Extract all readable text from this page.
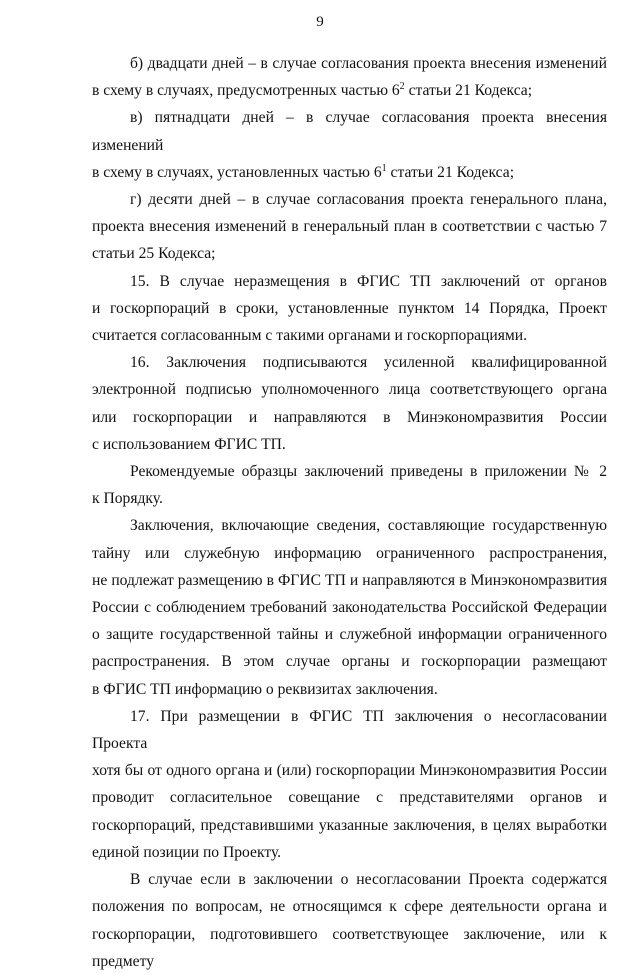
9
б) двадцати дней – в случае согласования проекта внесения изменений
в схему в случаях, предусмотренных частью $6^2$ статьи 21 Кодекса;
в) пятнадцати дней – в случае согласования проекта внесения изменений
в схему в случаях, установленных частью $6^1$ статьи 21 Кодекса;
г) десяти дней – в случае согласования проекта генерального плана,
проекта внесения изменений в генеральный план в соответствии с частью 7
статьи 25 Кодекса;
15. В случае неразмещения в ФГИС ТП заключений от органов
и госкорпораций в сроки, установленные пунктом 14 Порядка, Проект
считается согласованным с такими органами и госкорпорациями.
16. Заключения подписываются усиленной квалифицированной
электронной подписью уполномоченного лица соответствующего органа
или госкорпорации и направляются в Минэкономразвития России
с использованием ФГИС ТП.
Рекомендуемые образцы заключений приведены в приложении № 2
к Порядку.
Заключения, включающие сведения, составляющие государственную
тайну или служебную информацию ограниченного распространения,
не подлежат размещению в ФГИС ТП и направляются в Минэкономразвития
России с соблюдением требований законодательства Российской Федерации
о защите государственной тайны и служебной информации ограниченного
распространения. В этом случае органы и госкорпорации размещают
в ФГИС ТП информацию о реквизитах заключения.
17. При размещении в ФГИС ТП заключения о несогласовании Проекта
хотя бы от одного органа и (или) госкорпорации Минэкономразвития России
проводит согласительное совещание с представителями органов и
госкорпораций, представившими указанные заключения, в целях выработки
единой позиции по Проекту.
В случае если в заключении о несогласовании Проекта содержатся
положения по вопросам, не относящимся к сфере деятельности органа и
госкорпорации, подготовившего соответствующее заключение, или к предмету
